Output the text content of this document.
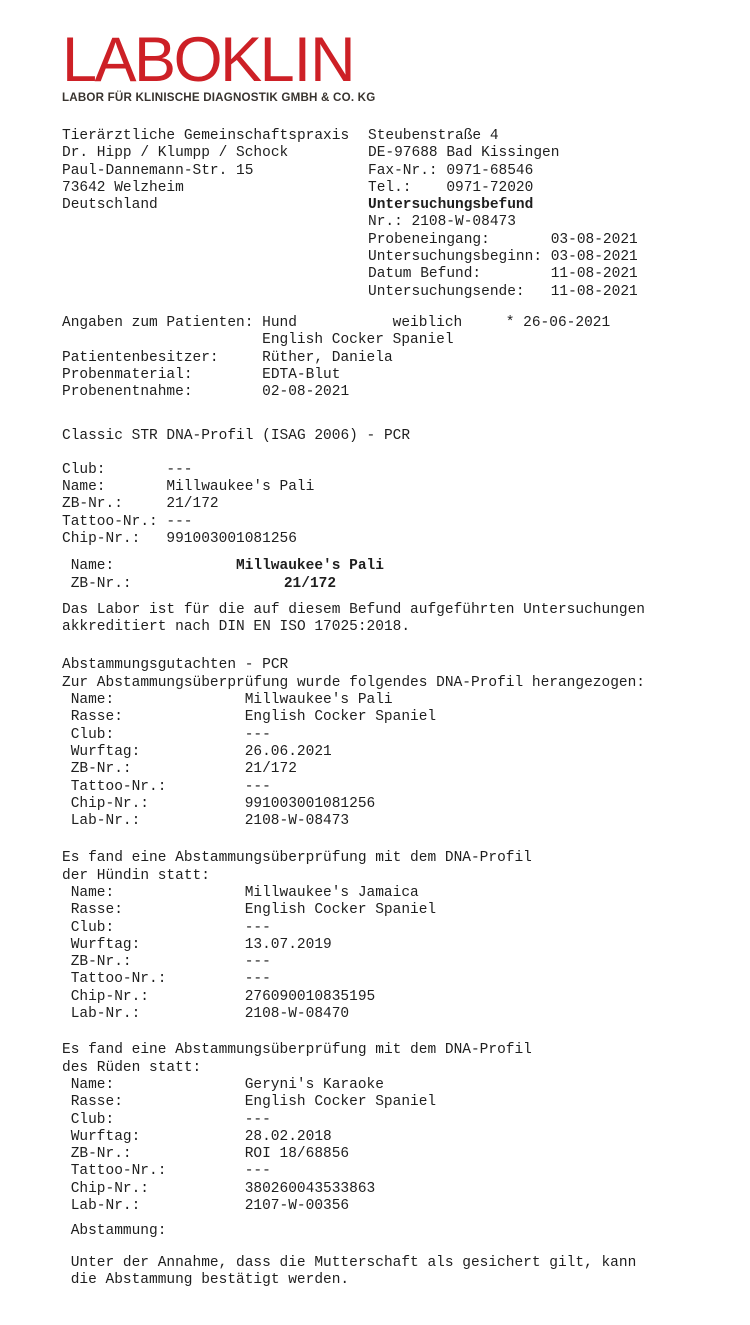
LABOKLIN
LABOR FÜR KLINISCHE DIAGNOSTIK GMBH & CO. KG
Tierärztliche Gemeinschaftspraxis
Dr. Hipp / Klumpp / Schock
Paul-Dannemann-Str. 15
73642 Welzheim
Deutschland
Steubenstraße 4
DE-97688 Bad Kissingen
Fax-Nr.: 0971-68546
Tel.:	0971-72020
Untersuchungsbefund
Nr.: 2108-W-08473
Probeneingang:	03-08-2021
Untersuchungsbeginn: 03-08-2021
Datum Befund:	11-08-2021
Untersuchungsende:	11-08-2021
Angaben zum Patienten: Hund	weiblich	* 26-06-2021
English Cocker Spaniel
Patientenbesitzer:	Rüther, Daniela
Probenmaterial:	EDTA-Blut
Probenentnahme:	02-08-2021
Classic STR DNA-Profil (ISAG 2006) - PCR
Club:	---
Name:	Millwaukee's Pali
ZB-Nr.:	21/172
Tattoo-Nr.: ---
Chip-Nr.:	991003001081256
Name:	Millwaukee's Pali
ZB-Nr.:	21/172
Das Labor ist für die auf diesem Befund aufgeführten Untersuchungen
akkreditiert nach DIN EN ISO 17025:2018.
Abstammungsgutachten - PCR
Zur Abstammungsüberprüfung wurde folgendes DNA-Profil herangezogen:
Name:	Millwaukee's Pali
Rasse:	English Cocker Spaniel
Club:	---
Wurftag:	26.06.2021
ZB-Nr.:	21/172
Tattoo-Nr.:	---
Chip-Nr.:	991003001081256
Lab-Nr.:	2108-W-08473
Es fand eine Abstammungsüberprüfung mit dem DNA-Profil
der Hündin statt:
Name:	Millwaukee's Jamaica
Rasse:	English Cocker Spaniel
Club:	---
Wurftag:	13.07.2019
ZB-Nr.:	---
Tattoo-Nr.:	---
Chip-Nr.:	276090010835195
Lab-Nr.:	2108-W-08470
Es fand eine Abstammungsüberprüfung mit dem DNA-Profil
des Rüden statt:
Name:	Geryni's Karaoke
Rasse:	English Cocker Spaniel
Club:	---
Wurftag:	28.02.2018
ZB-Nr.:	ROI 18/68856
Tattoo-Nr.:	---
Chip-Nr.:	380260043533863
Lab-Nr.:	2107-W-00356
Abstammung:
Unter der Annahme, dass die Mutterschaft als gesichert gilt, kann
die Abstammung bestätigt werden.
